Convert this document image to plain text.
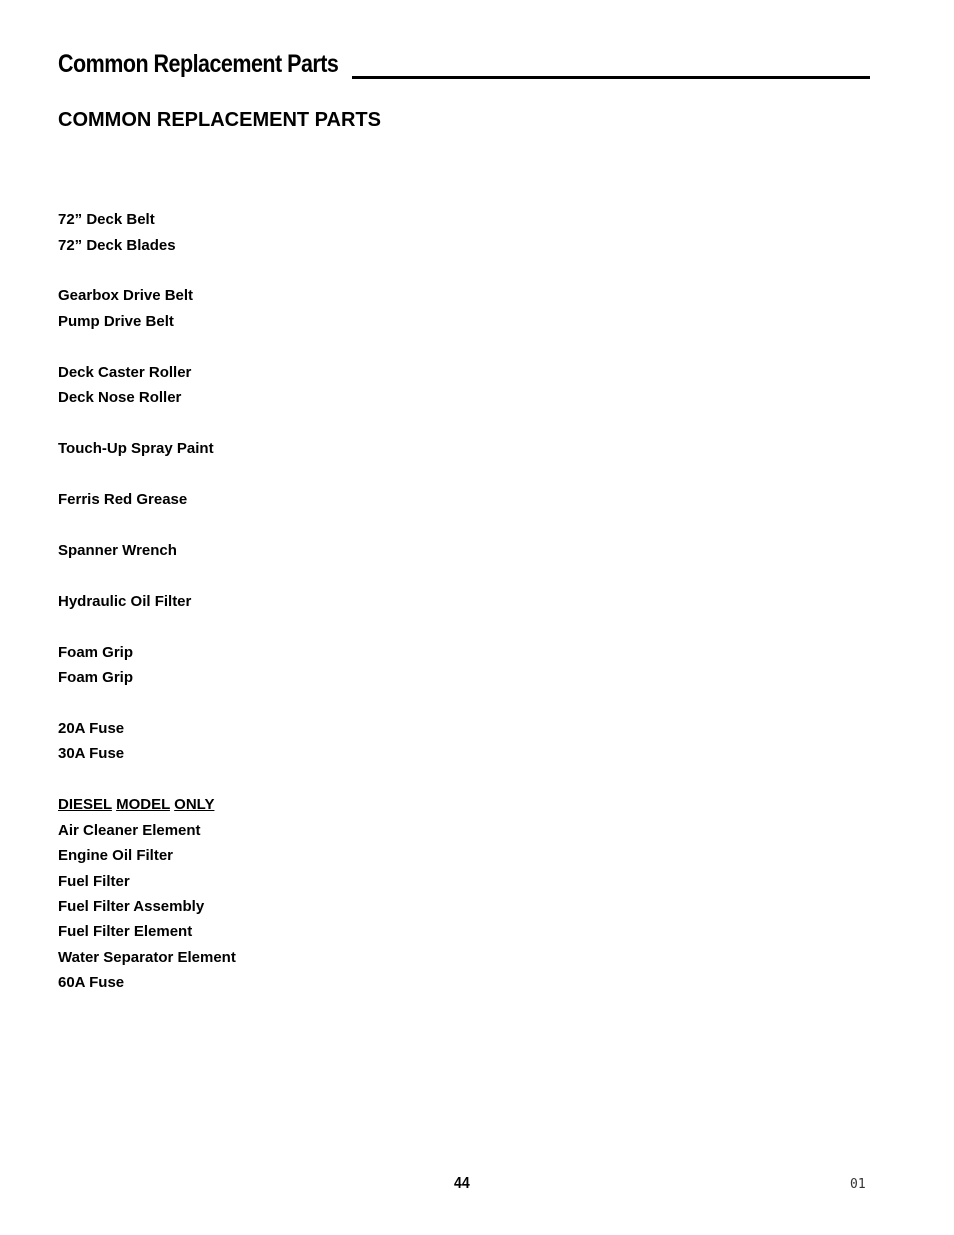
Common Replacement Parts
COMMON REPLACEMENT PARTS
72” Deck Belt
72” Deck Blades
Gearbox Drive Belt
Pump Drive Belt
Deck Caster Roller
Deck Nose Roller
Touch-Up Spray Paint
Ferris Red Grease
Spanner Wrench
Hydraulic Oil Filter
Foam Grip
Foam Grip
20A Fuse
30A Fuse
DIESEL MODEL ONLY
Air Cleaner Element
Engine Oil Filter
Fuel Filter
Fuel Filter Assembly
Fuel Filter Element
Water Separator Element
60A Fuse
44	01
